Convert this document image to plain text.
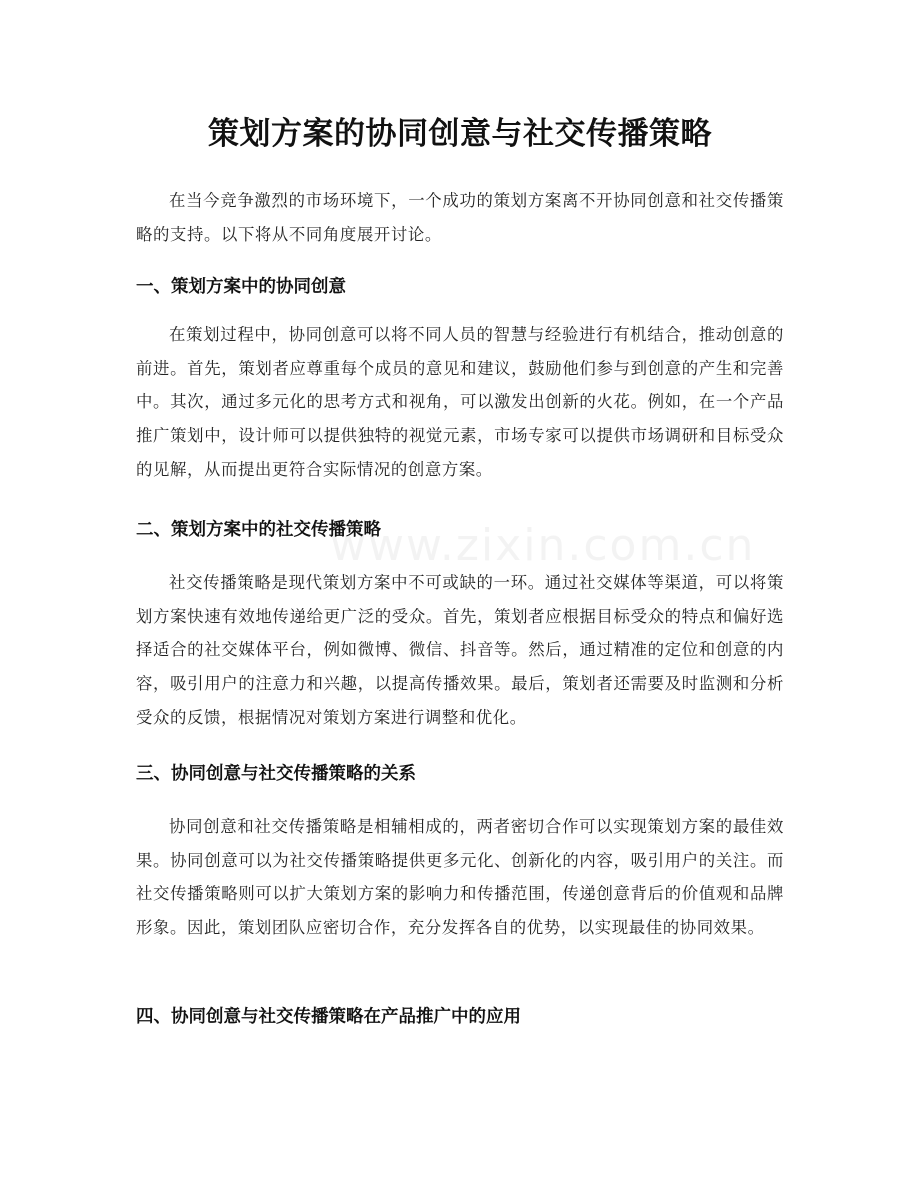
www.zixin.com.cn
策划方案的协同创意与社交传播策略

在当今竞争激烈的市场环境下，一个成功的策划方案离不开协同创意和社交传播策略的支持。以下将从不同角度展开讨论。

一、策划方案中的协同创意

在策划过程中，协同创意可以将不同人员的智慧与经验进行有机结合，推动创意的前进。首先，策划者应尊重每个成员的意见和建议，鼓励他们参与到创意的产生和完善中。其次，通过多元化的思考方式和视角，可以激发出创新的火花。例如，在一个产品推广策划中，设计师可以提供独特的视觉元素，市场专家可以提供市场调研和目标受众的见解，从而提出更符合实际情况的创意方案。

二、策划方案中的社交传播策略

社交传播策略是现代策划方案中不可或缺的一环。通过社交媒体等渠道，可以将策划方案快速有效地传递给更广泛的受众。首先，策划者应根据目标受众的特点和偏好选择适合的社交媒体平台，例如微博、微信、抖音等。然后，通过精准的定位和创意的内容，吸引用户的注意力和兴趣，以提高传播效果。最后，策划者还需要及时监测和分析受众的反馈，根据情况对策划方案进行调整和优化。

三、协同创意与社交传播策略的关系

协同创意和社交传播策略是相辅相成的，两者密切合作可以实现策划方案的最佳效果。协同创意可以为社交传播策略提供更多元化、创新化的内容，吸引用户的关注。而社交传播策略则可以扩大策划方案的影响力和传播范围，传递创意背后的价值观和品牌形象。因此，策划团队应密切合作，充分发挥各自的优势，以实现最佳的协同效果。

四、协同创意与社交传播策略在产品推广中的应用
